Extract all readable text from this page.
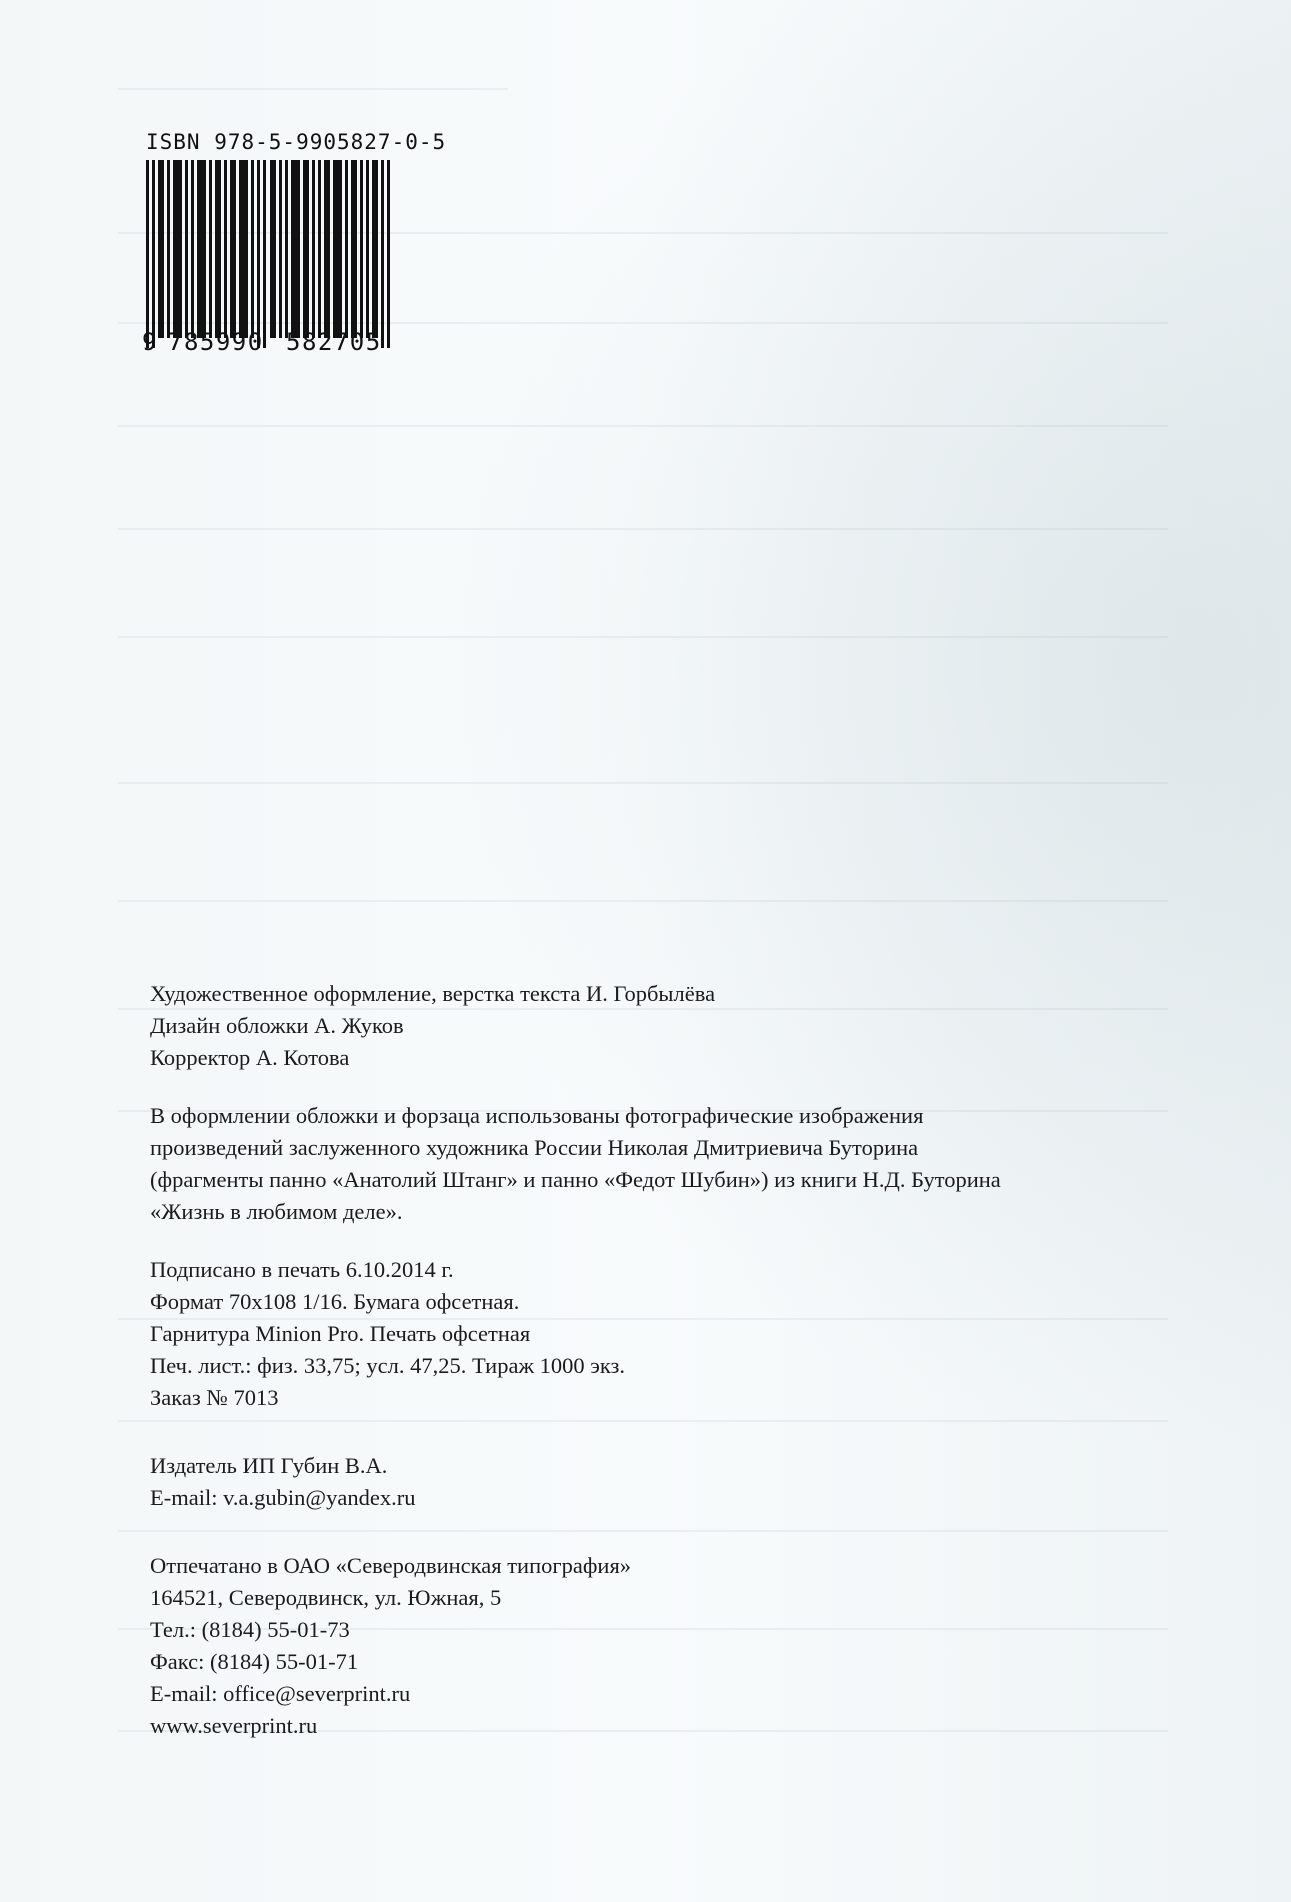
ISBN 978-5-9905827-0-5
9 785990 582705

Художественное оформление, верстка текста И. Горбылёва

Дизайн обложки А. Жуков

Корректор А. Котова

В оформлении обложки и форзаца использованы фотографические изображения

произведений заслуженного художника России Николая Дмитриевича Буторина

(фрагменты панно «Анатолий Штанг» и панно «Федот Шубин») из книги Н.Д. Буторина

«Жизнь в любимом деле».

Подписано в печать 6.10.2014 г.

Формат 70x108 1/16. Бумага офсетная.

Гарнитура Minion Pro. Печать офсетная

Печ. лист.: физ. 33,75; усл. 47,25. Тираж 1000 экз.

Заказ № 7013

Издатель ИП Губин В.А.

E-mail: v.a.gubin@yandex.ru

Отпечатано в ОАО «Северодвинская типография»

164521, Северодвинск, ул. Южная, 5

Тел.: (8184) 55-01-73

Факс: (8184) 55-01-71

E-mail: office@severprint.ru

www.severprint.ru
